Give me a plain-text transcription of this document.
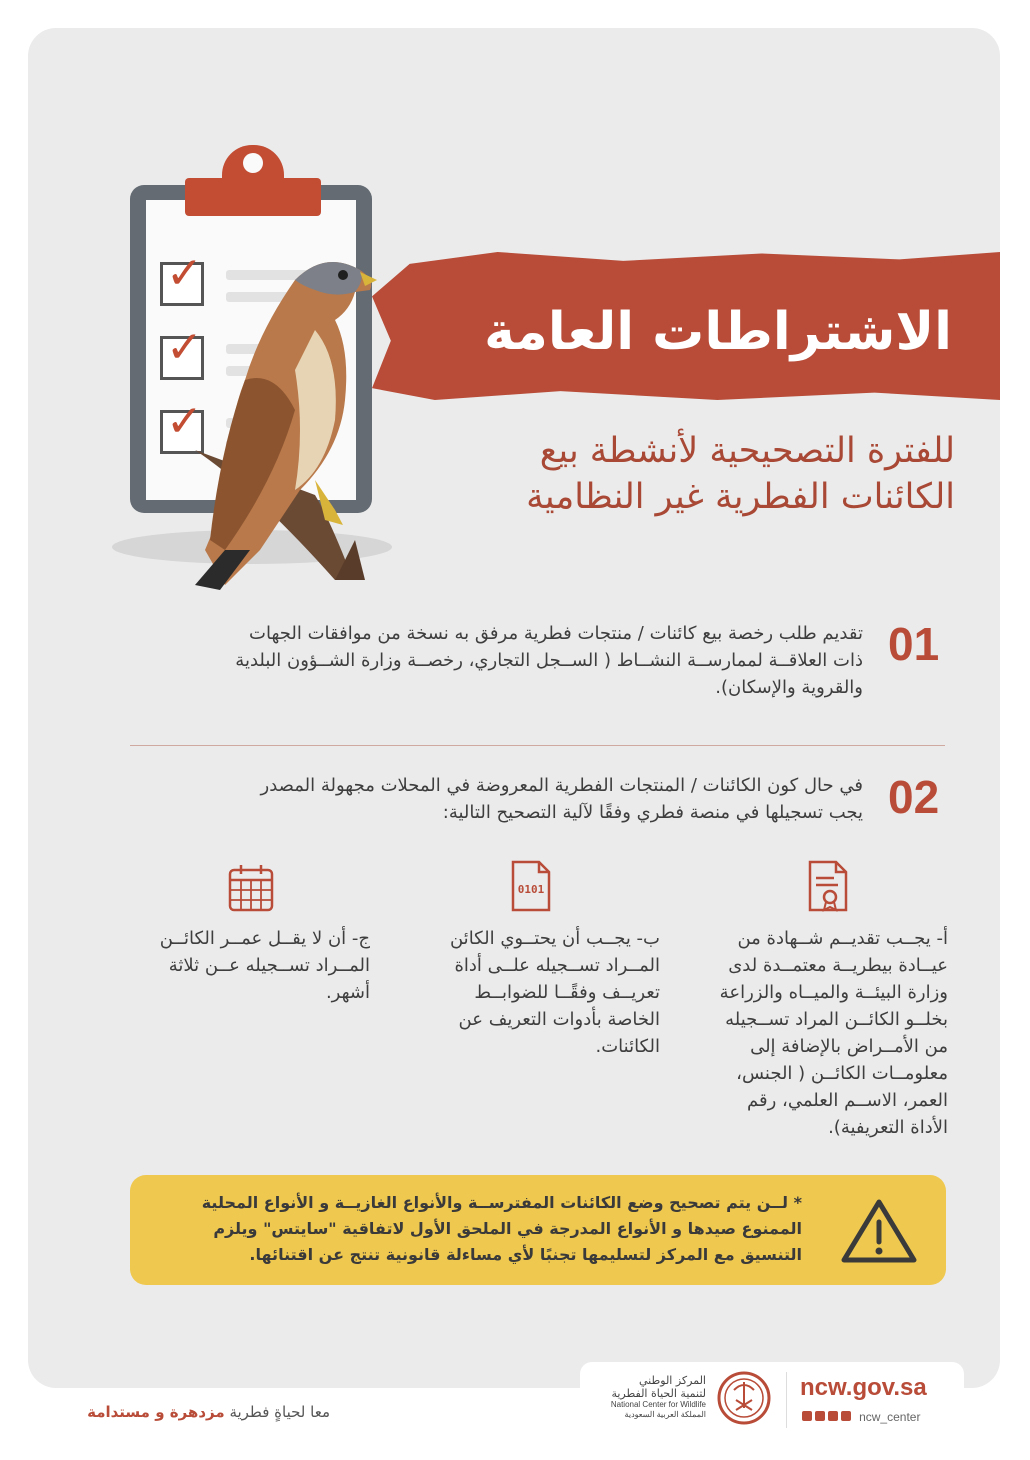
✓
✓
✓
الاشتراطات العامة
للفترة التصحيحية لأنشطة بيع
الكائنات الفطرية غير النظامية
01
تقديم طلب رخصة بيع كائنات / منتجات فطرية مرفق به نسخة من موافقات الجهات
ذات العلاقــة لممارســة النشــاط ( الســجل التجاري، رخصــة وزارة الشــؤون البلدية
والقروية والإسكان).
02
في حال كون الكائنات / المنتجات الفطرية المعروضة في المحلات مجهولة المصدر
يجب تسجيلها في منصة فطري وفقًا لآلية التصحيح التالية:
0101
أ- يجــب تقديــم شــهادة من
عيــادة بيطريــة معتمــدة لدى
وزارة البيئــة والميــاه والزراعة
بخلــو الكائــن المراد تســجيله
من الأمــراض بالإضافة إلى
معلومــات الكائــن ( الجنس،
العمر، الاســم العلمي، رقم
الأداة التعريفية).
ب- يجــب أن يحتــوي الكائن
المــراد تســجيله علــى أداة
تعريــف وفقًــا للضوابــط
الخاصة بأدوات التعريف عن
الكائنات.
ج- أن لا يقــل عمــر الكائــن
المــراد تســجيله عــن ثلاثة
أشهر.
* لــن يتم تصحيح وضع الكائنات المفترســة والأنواع الغازيــة و الأنواع المحلية
الممنوع صيدها و الأنواع المدرجة في الملحق الأول لاتفاقية "سايتس" ويلزم
التنسيق مع المركز لتسليمها تجنبًا لأي مساءلة قانونية تنتج عن اقتنائها.
ncw.gov.sa
ncw_center
المركز الوطني
لتنمية الحياة الفطرية
National Center for Wildlife
المملكة العربية السعودية
معا لحياةٍ فطرية مزدهرة و مستدامة
